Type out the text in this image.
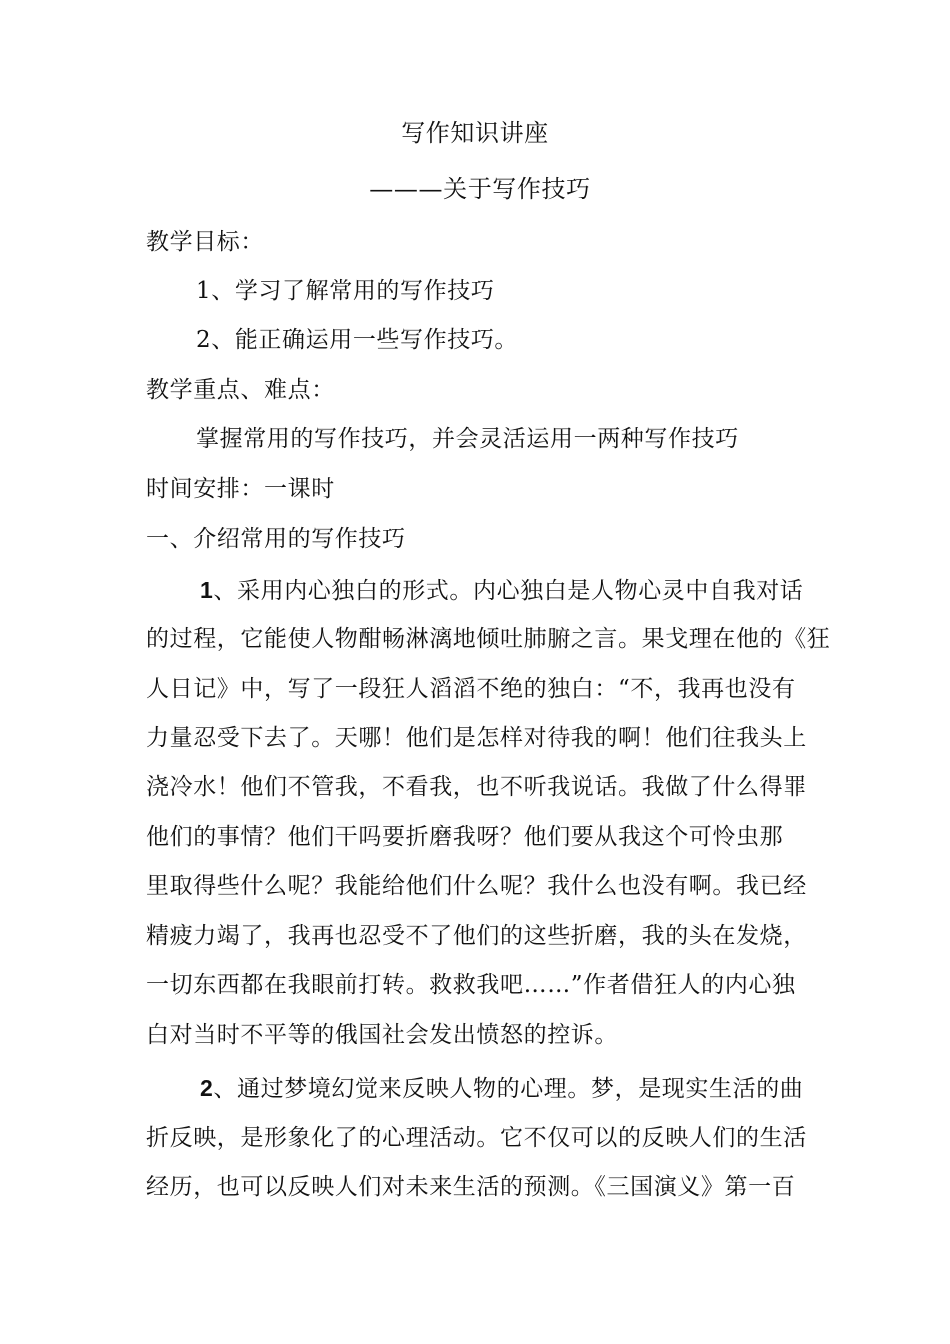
写作知识讲座
———关于写作技巧
教学目标：
1、学习了解常用的写作技巧
2、能正确运用一些写作技巧。
教学重点、难点：
掌握常用的写作技巧，并会灵活运用一两种写作技巧
时间安排：一课时
一、介绍常用的写作技巧
1、采用内心独白的形式。内心独白是人物心灵中自我对话
的过程，它能使人物酣畅淋漓地倾吐肺腑之言。果戈理在他的《狂
人日记》中，写了一段狂人滔滔不绝的独白：“不，我再也没有
力量忍受下去了。天哪！他们是怎样对待我的啊！他们往我头上
浇冷水！他们不管我，不看我，也不听我说话。我做了什么得罪
他们的事情？他们干吗要折磨我呀？他们要从我这个可怜虫那
里取得些什么呢？我能给他们什么呢？我什么也没有啊。我已经
精疲力竭了，我再也忍受不了他们的这些折磨，我的头在发烧，
一切东西都在我眼前打转。救救我吧……”作者借狂人的内心独
白对当时不平等的俄国社会发出愤怒的控诉。
2、通过梦境幻觉来反映人物的心理。梦，是现实生活的曲
折反映，是形象化了的心理活动。它不仅可以的反映人们的生活
经历，也可以反映人们对未来生活的预测。《三国演义》第一百
